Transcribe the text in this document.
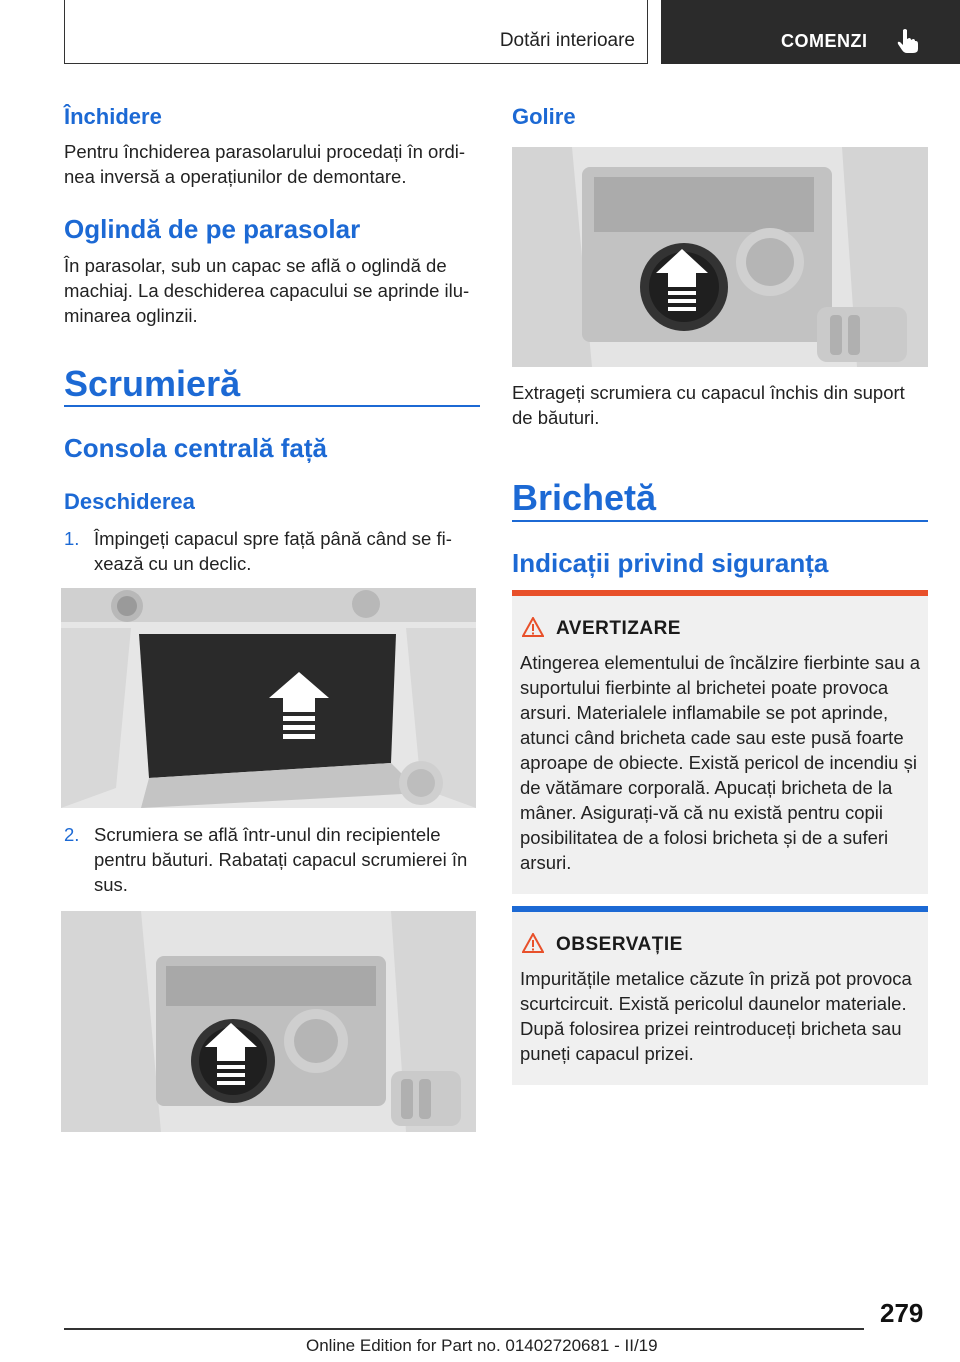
Dotări interioare	COMENZI
Închidere

Pentru închiderea parasolarului procedați în ordi-nea inversă a operațiunilor de demontare.

Oglindă de pe parasolar

În parasolar, sub un capac se află o oglindă de machiaj. La deschiderea capacului se aprinde ilu-minarea oglinzii.

Scrumieră
Consola centrală față
Deschiderea
1. Împingeți capacul spre față până când se fi-xează cu un declic.

2. Scrumiera se află într-unul din recipientele pentru băuturi. Rabatați capacul scrumierei în sus.

Golire

Extrageți scrumiera cu capacul închis din suport de băuturi.

Brichetă
Indicații privind siguranța
AVERTIZARE

Atingerea elementului de încălzire fierbinte sau a suportului fierbinte al brichetei poate provoca arsuri. Materialele inflamabile se pot aprinde, atunci când bricheta cade sau este pusă foarte aproape de obiecte. Există pericol de incendiu și de vătămare corporală. Apucați bricheta de la mâner. Asigurați-vă că nu există pentru copii posibilitatea de a folosi bricheta și de a suferi arsuri.

OBSERVAȚIE

Impuritățile metalice căzute în priză pot provoca scurtcircuit. Există pericolul daunelor materiale. După folosirea prizei reintroduceți bricheta sau puneți capacul prizei.

279
Online Edition for Part no. 01402720681 - II/19
